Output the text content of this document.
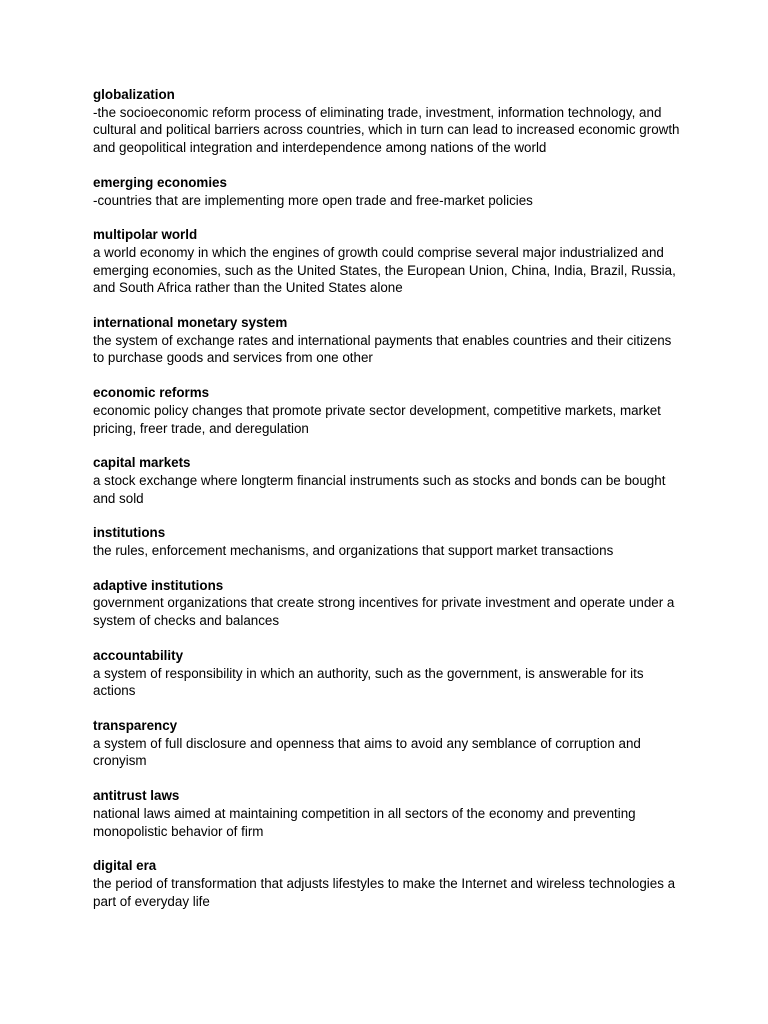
globalization

-the socioeconomic reform process of eliminating trade, investment, information technology, and cultural and political barriers across countries, which in turn can lead to increased economic growth and geopolitical integration and interdependence among nations of the world

emerging economies

-countries that are implementing more open trade and free-market policies

multipolar world

a world economy in which the engines of growth could comprise several major industrialized and emerging economies, such as the United States, the European Union, China, India, Brazil, Russia, and South Africa rather than the United States alone

international monetary system

the system of exchange rates and international payments that enables countries and their citizens to purchase goods and services from one other

economic reforms

economic policy changes that promote private sector development, competitive markets, market pricing, freer trade, and deregulation

capital markets

a stock exchange where longterm financial instruments such as stocks and bonds can be bought and sold

institutions

the rules, enforcement mechanisms, and organizations that support market transactions

adaptive institutions

government organizations that create strong incentives for private investment and operate under a system of checks and balances

accountability

a system of responsibility in which an authority, such as the government, is answerable for its actions

transparency

a system of full disclosure and openness that aims to avoid any semblance of corruption and cronyism

antitrust laws

national laws aimed at maintaining competition in all sectors of the economy and preventing monopolistic behavior of firm

digital era

the period of transformation that adjusts lifestyles to make the Internet and wireless technologies a part of everyday life
